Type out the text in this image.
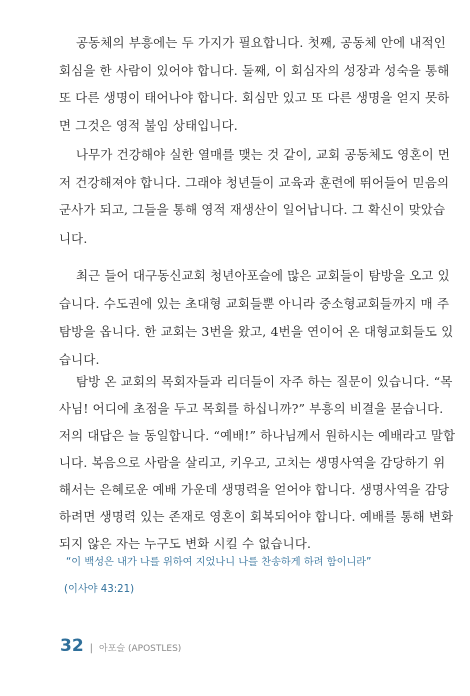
공동체의 부흥에는 두 가지가 필요합니다. 첫째, 공동체 안에 내적인
회심을 한 사람이 있어야 합니다. 둘째, 이 회심자의 성장과 성숙을 통해
또 다른 생명이 태어나야 합니다. 회심만 있고 또 다른 생명을 얻지 못하
면 그것은 영적 불임 상태입니다.
나무가 건강해야 실한 열매를 맺는 것 같이, 교회 공동체도 영혼이 먼
저 건강해져야 합니다. 그래야 청년들이 교육과 훈련에 뛰어들어 믿음의
군사가 되고, 그들을 통해 영적 재생산이 일어납니다. 그 확신이 맞았습
니다.
최근 들어 대구동신교회 청년아포슬에 많은 교회들이 탐방을 오고 있
습니다. 수도권에 있는 초대형 교회들뿐 아니라 중소형교회들까지 매 주
탐방을 옵니다. 한 교회는 3번을 왔고, 4번을 연이어 온 대형교회들도 있
습니다.
탐방 온 교회의 목회자들과 리더들이 자주 하는 질문이 있습니다. “목
사님! 어디에 초점을 두고 목회를 하십니까?” 부흥의 비결을 묻습니다.
저의 대답은 늘 동일합니다. “예배!” 하나님께서 원하시는 예배라고 말합
니다. 복음으로 사람을 살리고, 키우고, 고치는 생명사역을 감당하기 위
해서는 은혜로운 예배 가운데 생명력을 얻어야 합니다. 생명사역을 감당
하려면 생명력 있는 존재로 영혼이 회복되어야 합니다. 예배를 통해 변화
되지 않은 자는 누구도 변화 시킬 수 없습니다.
“이 백성은 내가 나를 위하여 지었나니 나를 찬송하게 하려 함이니라”
(이사야 43:21)
32 | 아포슬 (APOSTLES)
